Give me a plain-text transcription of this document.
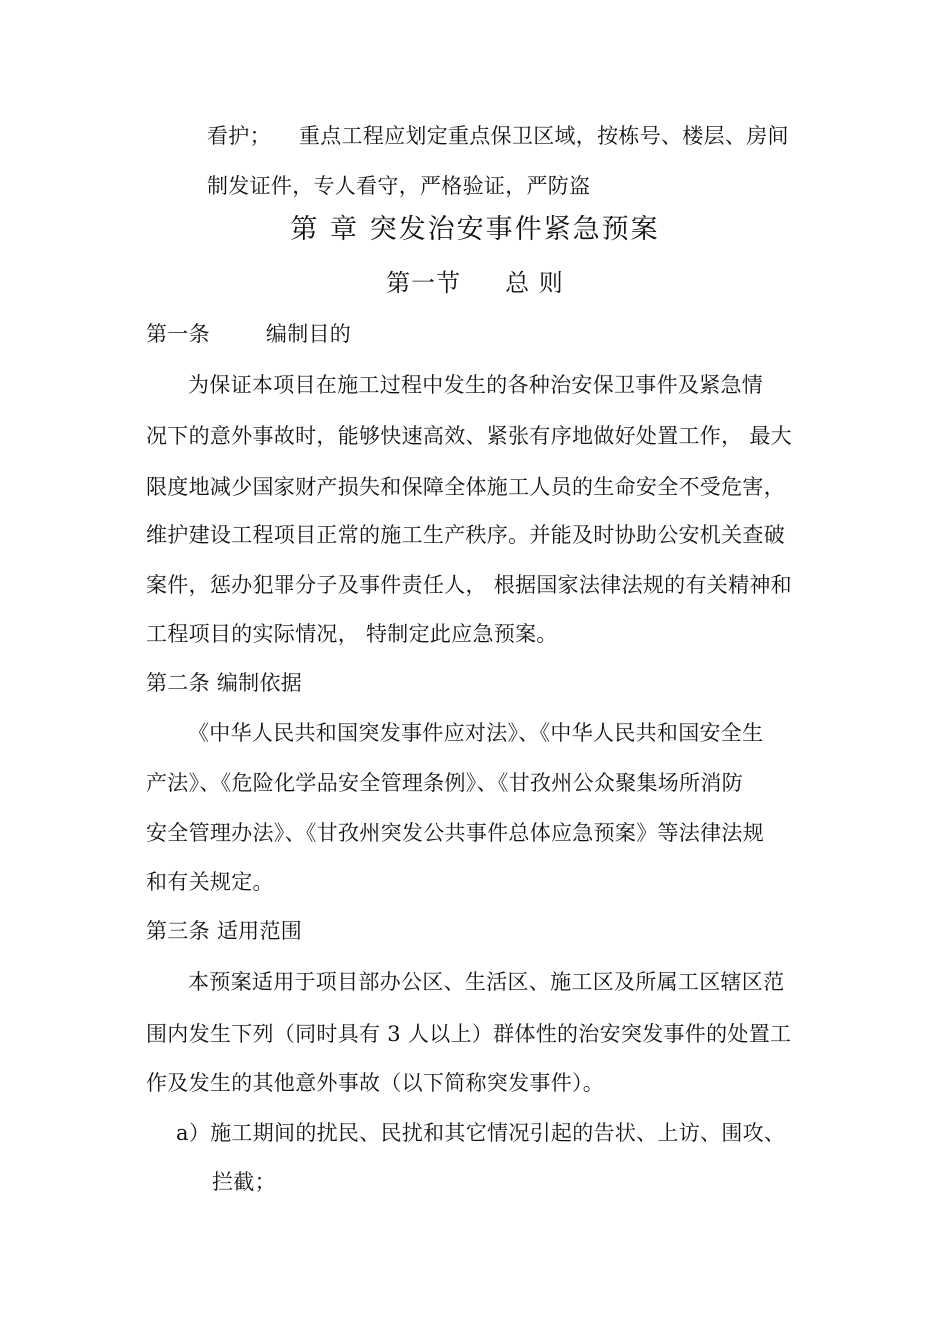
看护； 重点工程应划定重点保卫区域，按栋号、楼层、房间
制发证件，专人看守，严格验证，严防盗
第 章 突发治安事件紧急预案
第一节 总 则
第一条	编制目的
为保证本项目在施工过程中发生的各种治安保卫事件及紧急情
况下的意外事故时，能够快速高效、紧张有序地做好处置工作， 最大
限度地减少国家财产损失和保障全体施工人员的生命安全不受危害，
维护建设工程项目正常的施工生产秩序。并能及时协助公安机关查破
案件，惩办犯罪分子及事件责任人， 根据国家法律法规的有关精神和
工程项目的实际情况， 特制定此应急预案。
第二条 编制依据
《中华人民共和国突发事件应对法》、《中华人民共和国安全生
产法》、《危险化学品安全管理条例》、《甘孜州公众聚集场所消防
安全管理办法》、《甘孜州突发公共事件总体应急预案》等法律法规
和有关规定。
第三条 适用范围
本预案适用于项目部办公区、生活区、施工区及所属工区辖区范
围内发生下列（同时具有 3 人以上）群体性的治安突发事件的处置工
作及发生的其他意外事故（以下简称突发事件）。
a）施工期间的扰民、民扰和其它情况引起的告状、上访、围攻、
拦截；
